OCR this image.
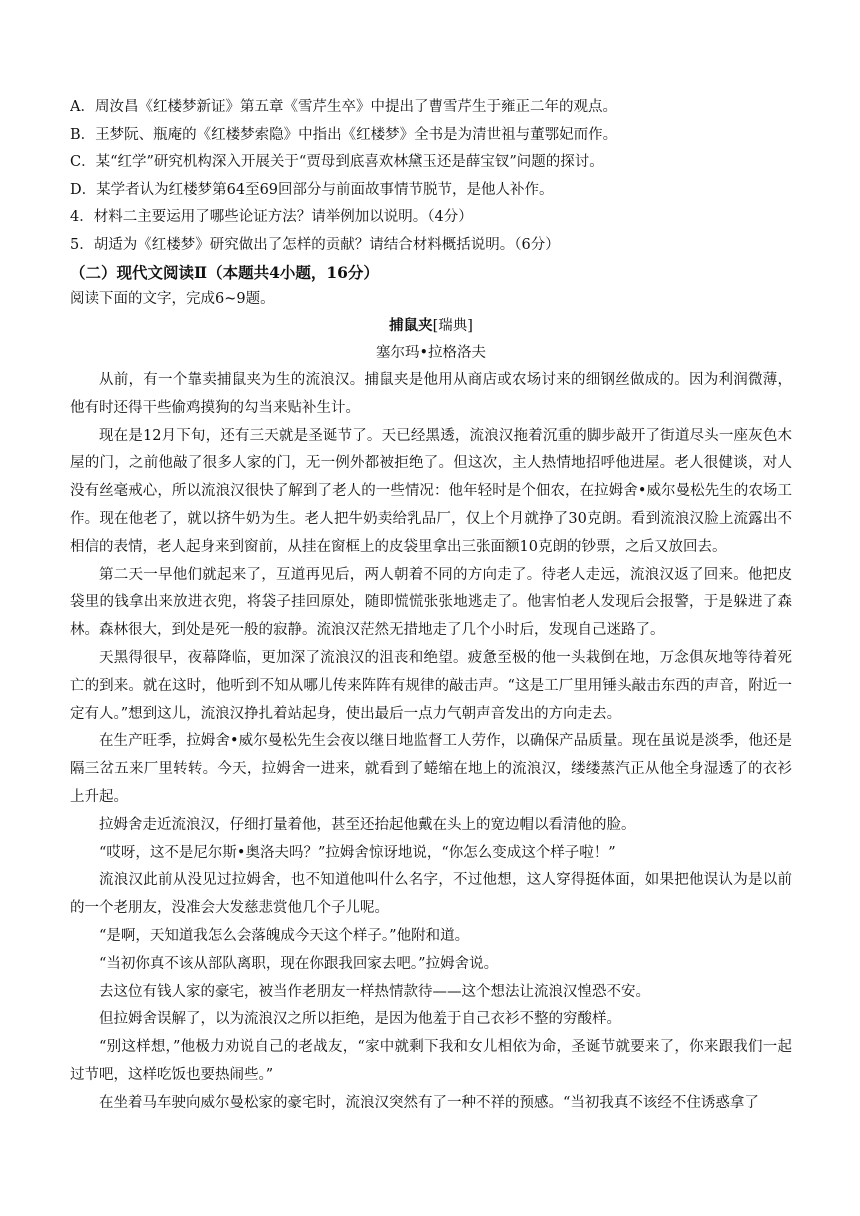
A．周汝昌《红楼梦新证》第五章《雪芹生卒》中提出了曹雪芹生于雍正二年的观点。
B．王梦阮、瓶庵的《红楼梦索隐》中指出《红楼梦》全书是为清世祖与董鄂妃而作。
C．某“红学”研究机构深入开展关于“贾母到底喜欢林黛玉还是薛宝钗”问题的探讨。
D．某学者认为红楼梦第64至69回部分与前面故事情节脱节，是他人补作。
4．材料二主要运用了哪些论证方法？请举例加以说明。（4分）
5．胡适为《红楼梦》研究做出了怎样的贡献？请结合材料概括说明。（6分）
（二）现代文阅读Ⅱ（本题共4小题，16分）
阅读下面的文字，完成6~9题。
捕鼠夹[瑞典]
塞尔玛•拉格洛夫

从前，有一个靠卖捕鼠夹为生的流浪汉。捕鼠夹是他用从商店或农场讨来的细钢丝做成的。因为利润微薄，他有时还得干些偷鸡摸狗的勾当来贴补生计。

现在是12月下旬，还有三天就是圣诞节了。天已经黑透，流浪汉拖着沉重的脚步敲开了街道尽头一座灰色木屋的门，之前他敲了很多人家的门，无一例外都被拒绝了。但这次，主人热情地招呼他进屋。老人很健谈，对人没有丝毫戒心，所以流浪汉很快了解到了老人的一些情况：他年轻时是个佃农，在拉姆舍•威尔曼松先生的农场工作。现在他老了，就以挤牛奶为生。老人把牛奶卖给乳品厂，仅上个月就挣了30克朗。看到流浪汉脸上流露出不相信的表情，老人起身来到窗前，从挂在窗框上的皮袋里拿出三张面额10克朗的钞票，之后又放回去。

第二天一早他们就起来了，互道再见后，两人朝着不同的方向走了。待老人走远，流浪汉返了回来。他把皮袋里的钱拿出来放进衣兜，将袋子挂回原处，随即慌慌张张地逃走了。他害怕老人发现后会报警，于是躲进了森林。森林很大，到处是死一般的寂静。流浪汉茫然无措地走了几个小时后，发现自己迷路了。

天黑得很早，夜幕降临，更加深了流浪汉的沮丧和绝望。疲惫至极的他一头栽倒在地，万念俱灰地等待着死亡的到来。就在这时，他听到不知从哪儿传来阵阵有规律的敲击声。“这是工厂里用锤头敲击东西的声音，附近一定有人。”想到这儿，流浪汉挣扎着站起身，使出最后一点力气朝声音发出的方向走去。

在生产旺季，拉姆舍•威尔曼松先生会夜以继日地监督工人劳作，以确保产品质量。现在虽说是淡季，他还是隔三岔五来厂里转转。今天，拉姆舍一进来，就看到了蜷缩在地上的流浪汉，缕缕蒸汽正从他全身湿透了的衣衫上升起。

拉姆舍走近流浪汉，仔细打量着他，甚至还抬起他戴在头上的宽边帽以看清他的脸。

“哎呀，这不是尼尔斯•奥洛夫吗？”拉姆舍惊讶地说，“你怎么变成这个样子啦！”

流浪汉此前从没见过拉姆舍，也不知道他叫什么名字，不过他想，这人穿得挺体面，如果把他误认为是以前的一个老朋友，没准会大发慈悲赏他几个子儿呢。

“是啊，天知道我怎么会落魄成今天这个样子。”他附和道。

“当初你真不该从部队离职，现在你跟我回家去吧。”拉姆舍说。

去这位有钱人家的豪宅，被当作老朋友一样热情款待——这个想法让流浪汉惶恐不安。

但拉姆舍误解了，以为流浪汉之所以拒绝，是因为他羞于自己衣衫不整的穷酸样。

“别这样想，”他极力劝说自己的老战友，“家中就剩下我和女儿相依为命，圣诞节就要来了，你来跟我们一起过节吧，这样吃饭也要热闹些。”

在坐着马车驶向威尔曼松家的豪宅时，流浪汉突然有了一种不祥的预感。“当初我真不该经不住诱惑拿了
